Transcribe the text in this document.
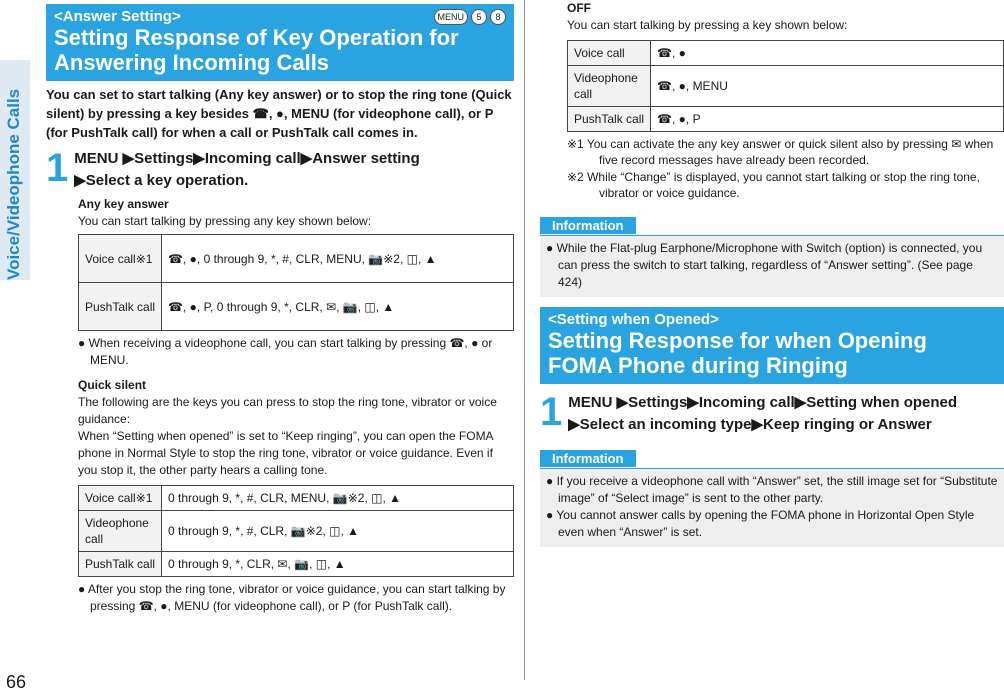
Voice/Videophone Calls
66
MENU	5	8
<Answer Setting>
Setting Response of Key Operation for Answering Incoming Calls
You can set to start talking (Any key answer) or to stop the ring tone (Quick silent) by pressing a key besides ☎, ●, MENU (for videophone call), or P (for PushTalk call) for when a call or PushTalk call comes in.
1 MENU ▶Settings▶Incoming call▶Answer setting
▶Select a key operation.
Any key answer
You can start talking by pressing any key shown below:
Voice call※1	☎, ●, 0 through 9, *, #, CLR, MENU, 📷※2, ◫, ▲
PushTalk call	☎, ●, P, 0 through 9, *, CLR, ✉, 📷, ◫, ▲
● When receiving a videophone call, you can start talking by pressing ☎, ● or MENU.
Quick silent
The following are the keys you can press to stop the ring tone, vibrator or voice guidance:
When “Setting when opened” is set to “Keep ringing”, you can open the FOMA phone in Normal Style to stop the ring tone, vibrator or voice guidance. Even if you stop it, the other party hears a calling tone.
Voice call※1	0 through 9, *, #, CLR, MENU, 📷※2, ◫, ▲
Videophone call	0 through 9, *, #, CLR, 📷※2, ◫, ▲
PushTalk call	0 through 9, *, CLR, ✉, 📷, ◫, ▲
● After you stop the ring tone, vibrator or voice guidance, you can start talking by pressing ☎, ●, MENU (for videophone call), or P (for PushTalk call).
OFF
You can start talking by pressing a key shown below:
Voice call	☎, ●
Videophone call	☎, ●, MENU
PushTalk call	☎, ●, P
※1 You can activate the any key answer or quick silent also by pressing ✉ when five record messages have already been recorded.
※2 While “Change” is displayed, you cannot start talking or stop the ring tone, vibrator or voice guidance.
Information
● While the Flat-plug Earphone/Microphone with Switch (option) is connected, you can press the switch to start talking, regardless of “Answer setting”. (See page 424)
<Setting when Opened>
Setting Response for when Opening FOMA Phone during Ringing
1 MENU ▶Settings▶Incoming call▶Setting when opened
▶Select an incoming type▶Keep ringing or Answer
Information
● If you receive a videophone call with “Answer” set, the still image set for “Substitute image” of “Select image” is sent to the other party.
● You cannot answer calls by opening the FOMA phone in Horizontal Open Style even when “Answer” is set.
